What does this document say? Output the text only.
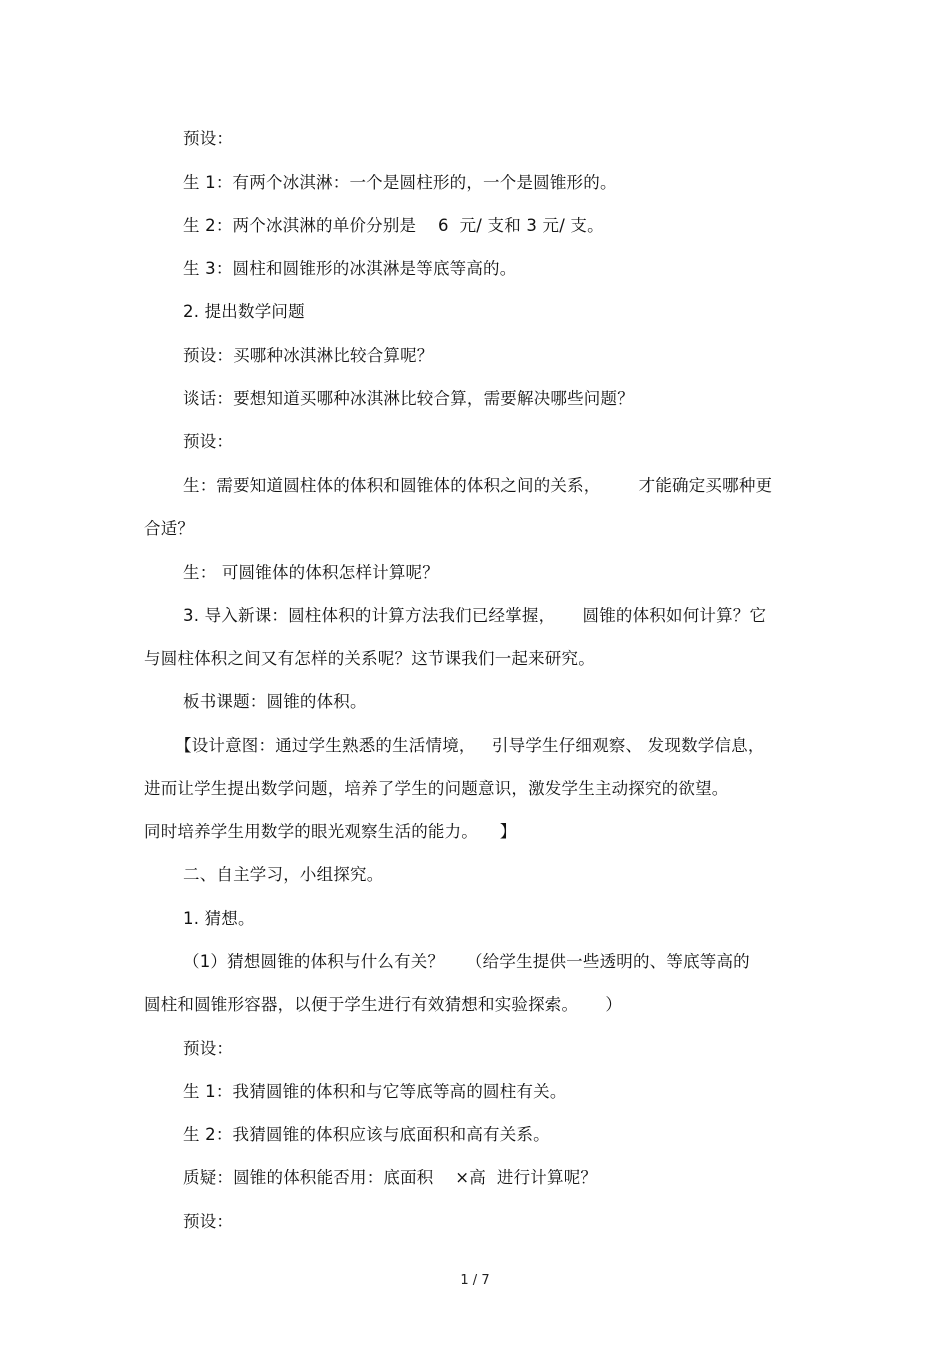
预设：
生 1：有两个冰淇淋：一个是圆柱形的，一个是圆锥形的。
生 2：两个冰淇淋的单价分别是    6  元/ 支和 3 元/ 支。
生 3：圆柱和圆锥形的冰淇淋是等底等高的。
2. 提出数学问题
预设：买哪种冰淇淋比较合算呢？
谈话：要想知道买哪种冰淇淋比较合算，需要解决哪些问题？
预设：
生：需要知道圆柱体的体积和圆锥体的体积之间的关系，       才能确定买哪种更
合适？
生： 可圆锥体的体积怎样计算呢？
3. 导入新课：圆柱体积的计算方法我们已经掌握，     圆锥的体积如何计算？它
与圆柱体积之间又有怎样的关系呢？这节课我们一起来研究。
板书课题：圆锥的体积。
【设计意图：通过学生熟悉的生活情境，   引导学生仔细观察、 发现数学信息，
进而让学生提出数学问题，培养了学生的问题意识，激发学生主动探究的欲望。
同时培养学生用数学的眼光观察生活的能力。    】
二、自主学习，小组探究。
1. 猜想。
（1）猜想圆锥的体积与什么有关？    （给学生提供一些透明的、等底等高的
圆柱和圆锥形容器，以便于学生进行有效猜想和实验探索。     ）
预设：
生 1：我猜圆锥的体积和与它等底等高的圆柱有关。
生 2：我猜圆锥的体积应该与底面积和高有关系。
质疑：圆锥的体积能否用：底面积    ×高  进行计算呢？
预设：
1 / 7
